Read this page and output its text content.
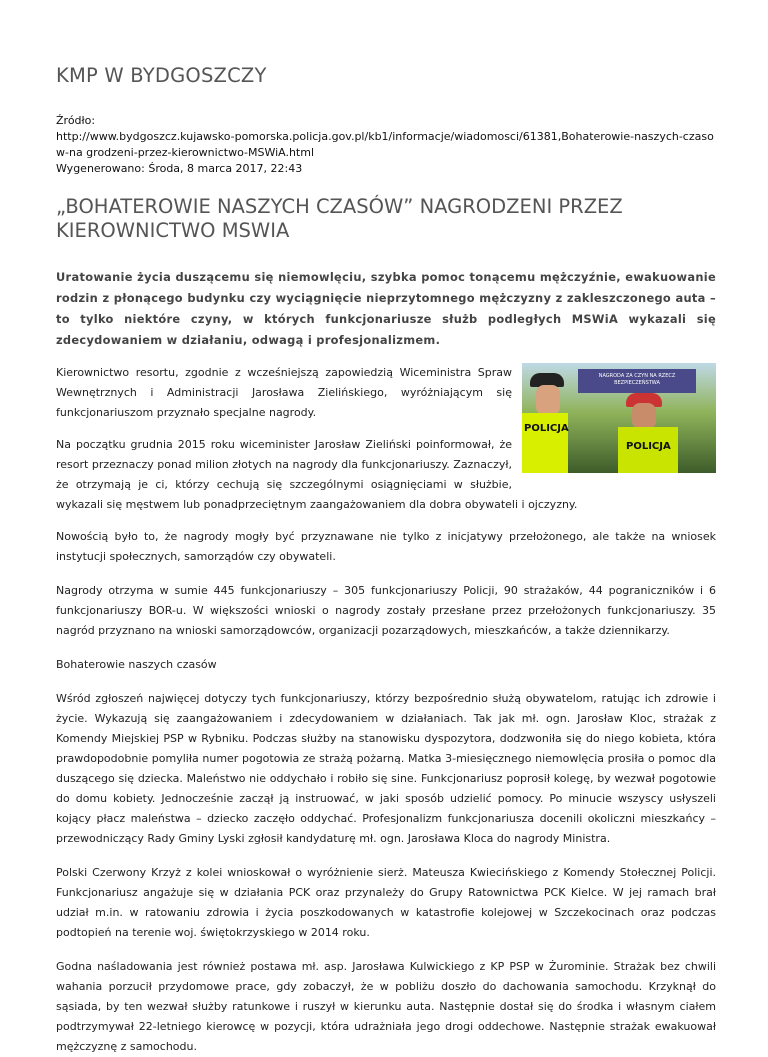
KMP W BYDGOSZCZY
Źródło:
http://www.bydgoszcz.kujawsko-pomorska.policja.gov.pl/kb1/informacje/wiadomosci/61381,Bohaterowie-naszych-czasow-na grodzeni-przez-kierownictwo-MSWiA.html
Wygenerowano: Środa, 8 marca 2017, 22:43
„BOHATEROWIE NASZYCH CZASÓW” NAGRODZENI PRZEZ KIEROWNICTWO MSWIA

Uratowanie życia duszącemu się niemowlęciu, szybka pomoc tonącemu mężczyźnie, ewakuowanie rodzin z płonącego budynku czy wyciągnięcie nieprzytomnego mężczyzny z zakleszczonego auta – to tylko niektóre czyny, w których funkcjonariusze służb podległych MSWiA wykazali się zdecydowaniem w działaniu, odwagą i profesjonalizmem.

NAGRODA ZA CZYN NA RZECZ BEZPIECZEŃSTWA
POLICJA
POLICJA

Kierownictwo resortu, zgodnie z wcześniejszą zapowiedzią Wiceministra Spraw Wewnętrznych i Administracji Jarosława Zielińskiego, wyróżniającym się funkcjonariuszom przyznało specjalne nagrody.

Na początku grudnia 2015 roku wiceminister Jarosław Zieliński poinformował, że resort przeznaczy ponad milion złotych na nagrody dla funkcjonariuszy. Zaznaczył, że otrzymają je ci, którzy cechują się szczególnymi osiągnięciami w służbie, wykazali się męstwem lub ponadprzeciętnym zaangażowaniem dla dobra obywateli i ojczyzny.

Nowością było to, że nagrody mogły być przyznawane nie tylko z inicjatywy przełożonego, ale także na wniosek instytucji społecznych, samorządów czy obywateli.

Nagrody otrzyma w sumie 445 funkcjonariuszy – 305 funkcjonariuszy Policji, 90 strażaków, 44 pograniczników i 6 funkcjonariuszy BOR-u. W większości wnioski o nagrody zostały przesłane przez przełożonych funkcjonariuszy. 35 nagród przyznano na wnioski samorządowców, organizacji pozarządowych, mieszkańców, a także dziennikarzy.

Bohaterowie naszych czasów

Wśród zgłoszeń najwięcej dotyczy tych funkcjonariuszy, którzy bezpośrednio służą obywatelom, ratując ich zdrowie i życie. Wykazują się zaangażowaniem i zdecydowaniem w działaniach. Tak jak mł. ogn. Jarosław Kloc, strażak z Komendy Miejskiej PSP w Rybniku. Podczas służby na stanowisku dyspozytora, dodzwoniła się do niego kobieta, która prawdopodobnie pomyliła numer pogotowia ze strażą pożarną. Matka 3-miesięcznego niemowlęcia prosiła o pomoc dla duszącego się dziecka. Maleństwo nie oddychało i robiło się sine. Funkcjonariusz poprosił kolegę, by wezwał pogotowie do domu kobiety. Jednocześnie zaczął ją instruować, w jaki sposób udzielić pomocy. Po minucie wszyscy usłyszeli kojący płacz maleństwa – dziecko zaczęło oddychać. Profesjonalizm funkcjonariusza docenili okoliczni mieszkańcy – przewodniczący Rady Gminy Lyski zgłosił kandydaturę mł. ogn. Jarosława Kloca do nagrody Ministra.

Polski Czerwony Krzyż z kolei wnioskował o wyróżnienie sierż. Mateusza Kwiecińskiego z Komendy Stołecznej Policji. Funkcjonariusz angażuje się w działania PCK oraz przynależy do Grupy Ratownictwa PCK Kielce. W jej ramach brał udział m.in. w ratowaniu zdrowia i życia poszkodowanych w katastrofie kolejowej w Szczekocinach oraz podczas podtopień na terenie woj. świętokrzyskiego w 2014 roku.

Godna naśladowania jest również postawa mł. asp. Jarosława Kulwickiego z KP PSP w Żurominie. Strażak bez chwili wahania porzucił przydomowe prace, gdy zobaczył, że w pobliżu doszło do dachowania samochodu. Krzyknął do sąsiada, by ten wezwał służby ratunkowe i ruszył w kierunku auta. Następnie dostał się do środka i własnym ciałem podtrzymywał 22-letniego kierowcę w pozycji, która udrażniała jego drogi oddechowe. Następnie strażak ewakuował mężczyznę z samochodu.
